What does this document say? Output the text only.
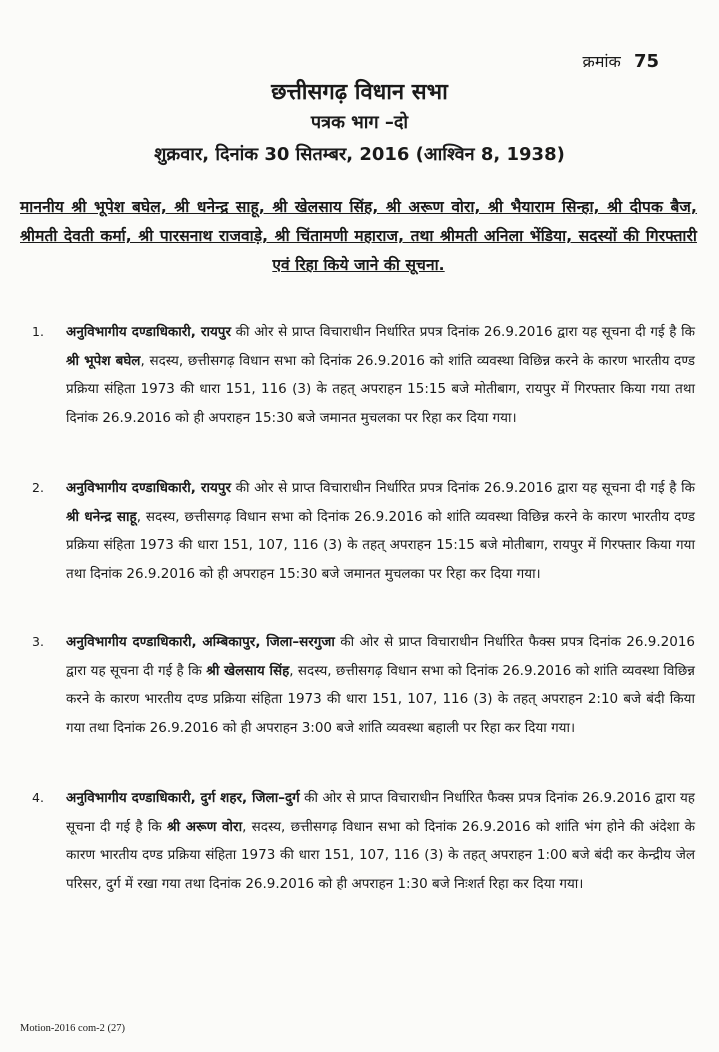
क्रमांक 75
छत्तीसगढ़ विधान सभा
पत्रक भाग –दो
शुक्रवार, दिनांक 30 सितम्बर, 2016 (आश्विन 8, 1938)
माननीय श्री भूपेश बघेल, श्री धनेन्द्र साहू, श्री खेलसाय सिंह, श्री अरूण वोरा, श्री भैयाराम सिन्हा, श्री दीपक बैज, श्रीमती देवती कर्मा, श्री पारसनाथ राजवाड़े, श्री चिंतामणी महाराज, तथा श्रीमती अनिला भेंडिया, सदस्यों की गिरफ्तारी एवं रिहा किये जाने की सूचना.
1.	अनुविभागीय दण्डाधिकारी, रायपुर की ओर से प्राप्त विचाराधीन निर्धारित प्रपत्र दिनांक 26.9.2016 द्वारा यह सूचना दी गई है कि श्री भूपेश बघेल, सदस्य, छत्तीसगढ़ विधान सभा को दिनांक 26.9.2016 को शांति व्यवस्था विछिन्न करने के कारण भारतीय दण्ड प्रक्रिया संहिता 1973 की धारा 151, 116 (3) के तहत् अपराहन 15:15 बजे मोतीबाग, रायपुर में गिरफ्तार किया गया तथा दिनांक 26.9.2016 को ही अपराहन 15:30 बजे जमानत मुचलका पर रिहा कर दिया गया।

2.	अनुविभागीय दण्डाधिकारी, रायपुर की ओर से प्राप्त विचाराधीन निर्धारित प्रपत्र दिनांक 26.9.2016 द्वारा यह सूचना दी गई है कि श्री धनेन्द्र साहू, सदस्य, छत्तीसगढ़ विधान सभा को दिनांक 26.9.2016 को शांति व्यवस्था विछिन्न करने के कारण भारतीय दण्ड प्रक्रिया संहिता 1973 की धारा 151, 107, 116 (3) के तहत् अपराहन 15:15 बजे मोतीबाग, रायपुर में गिरफ्तार किया गया तथा दिनांक 26.9.2016 को ही अपराहन 15:30 बजे जमानत मुचलका पर रिहा कर दिया गया।

3.	अनुविभागीय दण्डाधिकारी, अम्बिकापुर, जिला–सरगुजा की ओर से प्राप्त विचाराधीन निर्धारित फैक्स प्रपत्र दिनांक 26.9.2016 द्वारा यह सूचना दी गई है कि श्री खेलसाय सिंह, सदस्य, छत्तीसगढ़ विधान सभा को दिनांक 26.9.2016 को शांति व्यवस्था विछिन्न करने के कारण भारतीय दण्ड प्रक्रिया संहिता 1973 की धारा 151, 107, 116 (3) के तहत् अपराहन 2:10 बजे बंदी किया गया तथा दिनांक 26.9.2016 को ही अपराहन 3:00 बजे शांति व्यवस्था बहाली पर रिहा कर दिया गया।

4.	अनुविभागीय दण्डाधिकारी, दुर्ग शहर, जिला–दुर्ग की ओर से प्राप्त विचाराधीन निर्धारित फैक्स प्रपत्र दिनांक 26.9.2016 द्वारा यह सूचना दी गई है कि श्री अरूण वोरा, सदस्य, छत्तीसगढ़ विधान सभा को दिनांक 26.9.2016 को शांति भंग होने की अंदेशा के कारण भारतीय दण्ड प्रक्रिया संहिता 1973 की धारा 151, 107, 116 (3) के तहत् अपराहन 1:00 बजे बंदी कर केन्द्रीय जेल परिसर, दुर्ग में रखा गया तथा दिनांक 26.9.2016 को ही अपराहन 1:30 बजे निःशर्त रिहा कर दिया गया।

Motion-2016 com-2 (27)
